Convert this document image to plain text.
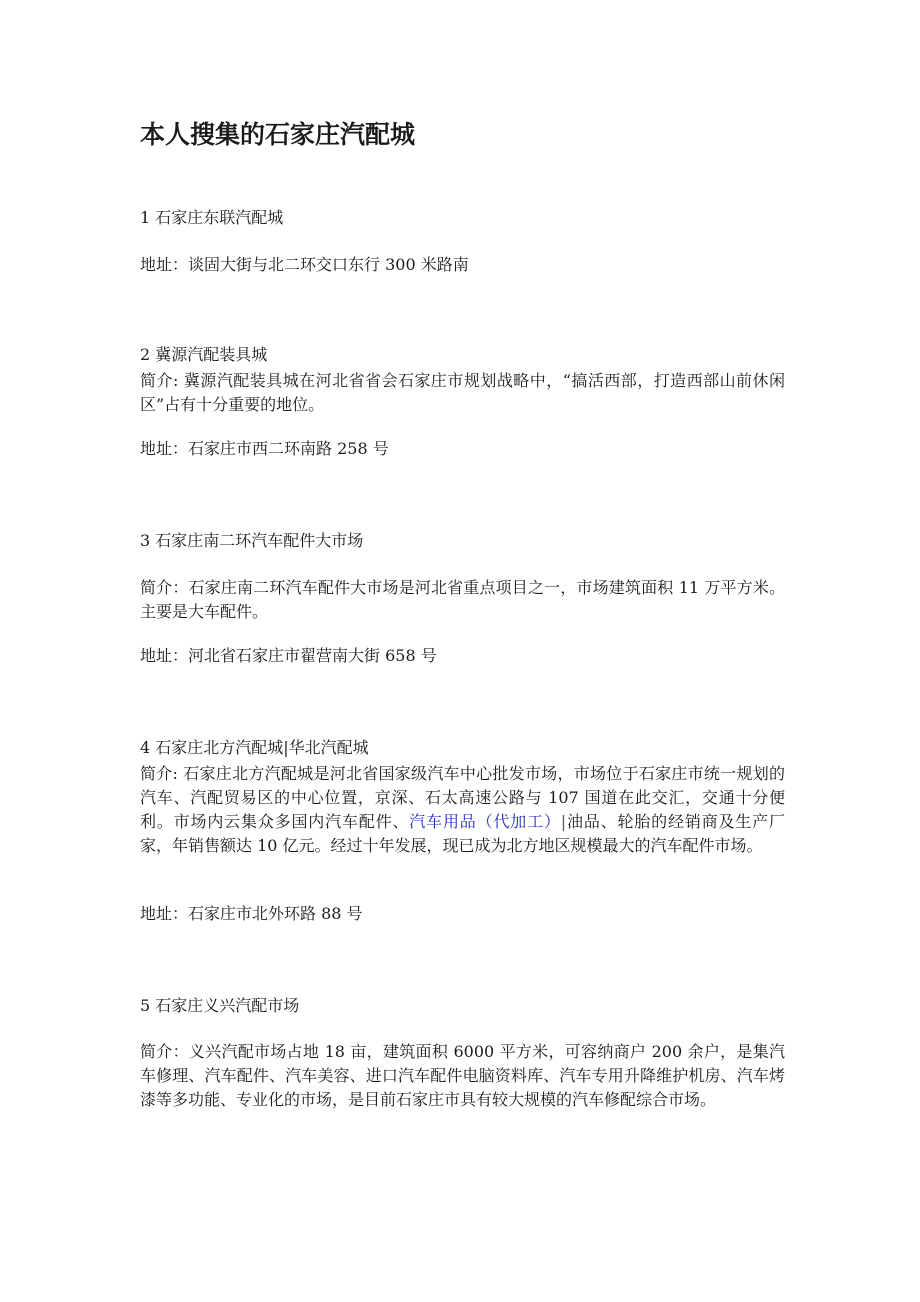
本人搜集的石家庄汽配城
1 石家庄东联汽配城
地址：谈固大街与北二环交口东行 300 米路南
2 冀源汽配装具城
简介: 冀源汽配装具城在河北省省会石家庄市规划战略中，“搞活西部，打造西部山前休闲区”占有十分重要的地位。
地址：石家庄市西二环南路 258 号
3 石家庄南二环汽车配件大市场
简介：石家庄南二环汽车配件大市场是河北省重点项目之一，市场建筑面积 11 万平方米。主要是大车配件。
地址：河北省石家庄市翟营南大街 658 号
4 石家庄北方汽配城|华北汽配城
简介: 石家庄北方汽配城是河北省国家级汽车中心批发市场，市场位于石家庄市统一规划的汽车、汽配贸易区的中心位置，京深、石太高速公路与 107 国道在此交汇，交通十分便利。市场内云集众多国内汽车配件、汽车用品（代加工）|油品、轮胎的经销商及生产厂家，年销售额达 10 亿元。经过十年发展，现已成为北方地区规模最大的汽车配件市场。
地址：石家庄市北外环路 88 号
5 石家庄义兴汽配市场
简介：义兴汽配市场占地 18 亩，建筑面积 6000 平方米，可容纳商户 200 余户，是集汽车修理、汽车配件、汽车美容、进口汽车配件电脑资料库、汽车专用升降维护机房、汽车烤漆等多功能、专业化的市场，是目前石家庄市具有较大规模的汽车修配综合市场。
